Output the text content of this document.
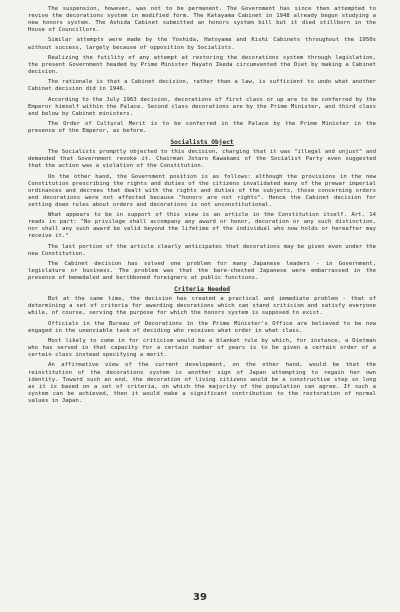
The suspension, however, was not to be permanent. The Government has since then attempted to revive the decorations system in modified form. The Katayama Cabinet in 1948 already begun studying a new honors system. The Ashida Cabinet submitted an honors system bill but it died stillborn in the House of Councillors.

Similar attempts were made by the Yoshida, Hatoyama and Kishi Cabinets throughout the 1950s without success, largely because of opposition by Socialists.

Realizing the futility of any attempt at restoring the decorations system through legislation, the present Government headed by Prime Minister Hayato Ikeda circumvented the Diet by making a Cabinet decision.

The rationale is that a Cabinet decision, rather than a law, is sufficient to undo what another Cabinet decision did in 1946.

According to the July 1963 decision, decorations of first class or up are to be conferred by the Emperor himself within the Palace. Second class decorations are by the Prime Minister, and third class and below by Cabinet ministers.

The Order of Cultural Merit is to be conferred in the Palace by the Prime Minister in the presence of the Emperor, as before.

Socialists Object

The Socialists promptly objected to this decision, charging that it was "illegal and unjust" and demanded that Government revoke it. Chairman Jotaro Kawakami of the Socialist Party even suggested that the action was a violation of the Constitution.

On the other hand, the Government position is as follows: although the provisions in the new Constitution prescribing the rights and duties of the citizens invalidated many of the prewar imperial ordinances and decrees that dealt with the rights and duties of the subjects, those concerning orders and decorations were not affected because "honors are not rights". Hence the Cabinet decision for setting down rules about orders and decorations is not unconstitutional.

What appears to be in support of this view is an article in the Constitution itself. Art. 14 reads in part: "No privilege shall accompany any award or honor, decoration or any such distinction, nor shall any such award be valid beyond the lifetime of the individual who now holds or hereafter may receive it."

The last portion of the article clearly anticipates that decorations may be given even under the new Constitution.

The Cabinet decision has solved one problem for many Japanese leaders - in Government, legislature or business. The problem was that the bare-chested Japanese were embarrassed in the presence of bemedaled and beribboned foreigners at public functions.

Criteria Needed

But at the same time, the decision has created a practical and immediate problem - that of determining a set of criteria for awarding decorations which can stand criticism and satisfy everyone while, of course, serving the purpose for which the honors system is supposed to exist.

Officials in the Bureau of Decorations in the Prime Minister's Office are believed to be now engaged in the unenviable task of deciding who receives what order in what class.

Most likely to come in for criticism would be a blanket rule by which, for instance, a Dietman who has served in that capacity for a certain number of years is to be given a certain order of a certain class instead specifying a merit.

An affirmative view of the current development, on the other hand, would be that the reinstitution of the decorations system is another sign of Japan attempting to regain her own identity. Toward such an end, the decoration of living citizens would be a constructive step so long as it is based on a set of criteria, on which the majority of the population can agree. If such a system can be achieved, then it would make a significant contribution to the restoration of normal values in Japan.

39
